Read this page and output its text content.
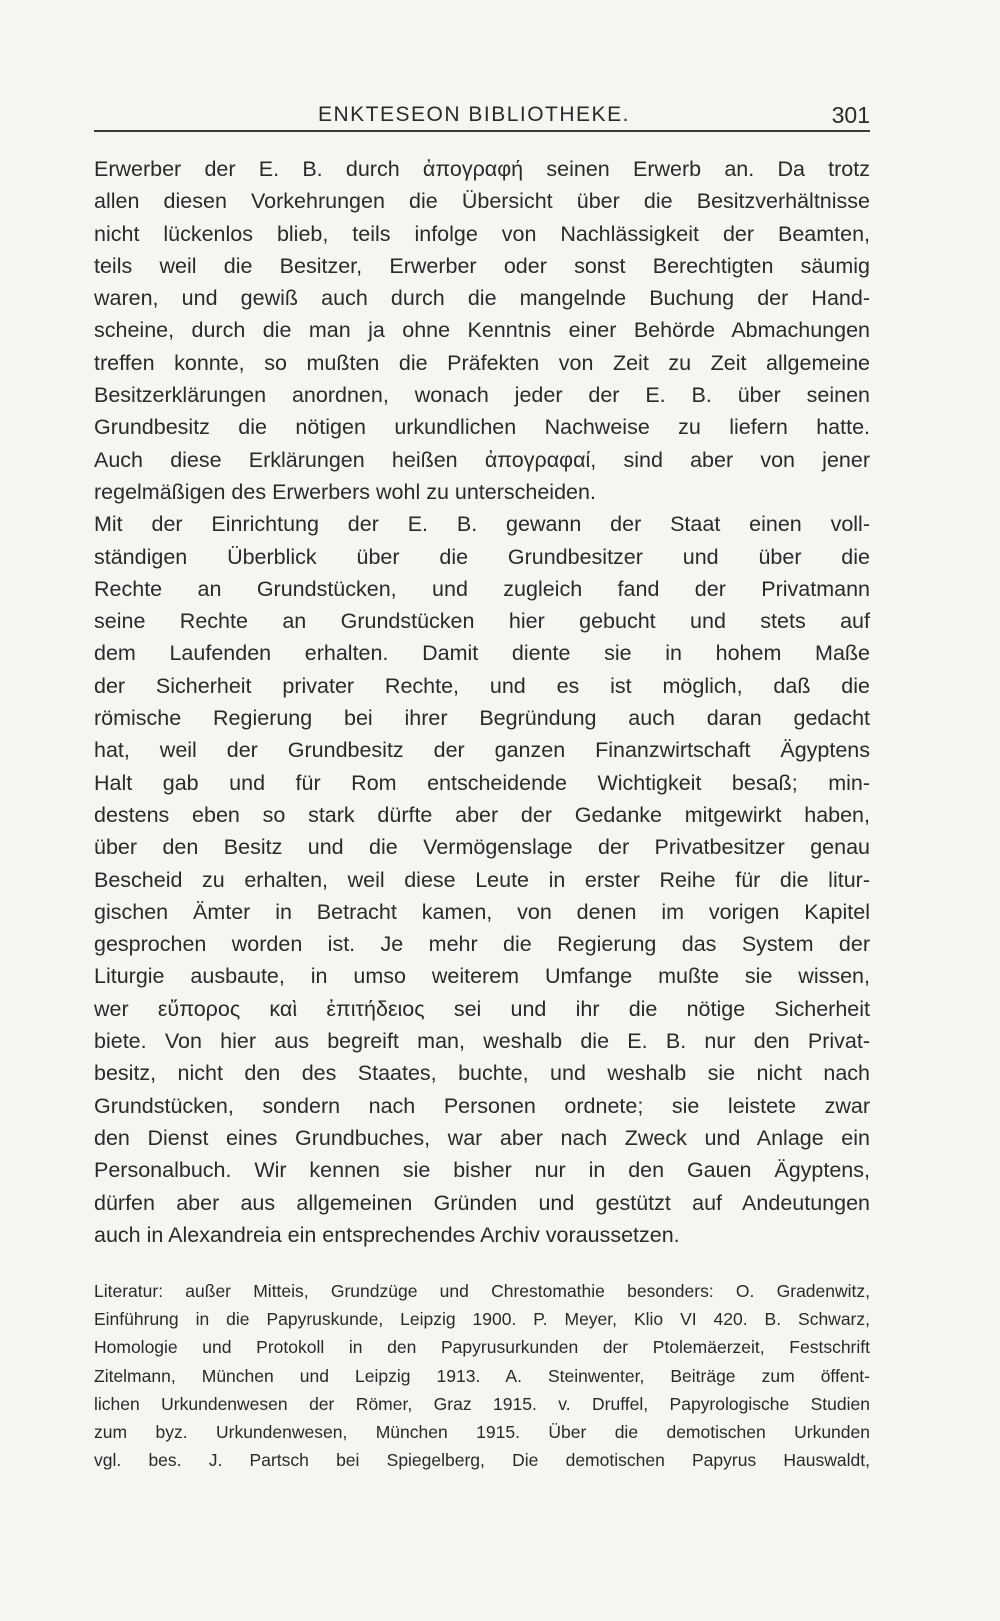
ENKTESEON BIBLIOTHEKE.	301
Erwerber der E. B. durch ἀπογραφή seinen Erwerb an. Da trotz
allen diesen Vorkehrungen die Übersicht über die Besitzverhältnisse
nicht lückenlos blieb, teils infolge von Nachlässigkeit der Beamten,
teils weil die Besitzer, Erwerber oder sonst Berechtigten säumig
waren, und gewiß auch durch die mangelnde Buchung der Hand-
scheine, durch die man ja ohne Kenntnis einer Behörde Abmachungen
treffen konnte, so mußten die Präfekten von Zeit zu Zeit allgemeine
Besitzerklärungen anordnen, wonach jeder der E. B. über seinen
Grundbesitz die nötigen urkundlichen Nachweise zu liefern hatte.
Auch diese Erklärungen heißen ἀπογραφαί, sind aber von jener
regelmäßigen des Erwerbers wohl zu unterscheiden.
Mit der Einrichtung der E. B. gewann der Staat einen voll-
ständigen Überblick über die Grundbesitzer und über die
Rechte an Grundstücken, und zugleich fand der Privatmann
seine Rechte an Grundstücken hier gebucht und stets auf
dem Laufenden erhalten. Damit diente sie in hohem Maße
der Sicherheit privater Rechte, und es ist möglich, daß die
römische Regierung bei ihrer Begründung auch daran gedacht
hat, weil der Grundbesitz der ganzen Finanzwirtschaft Ägyptens
Halt gab und für Rom entscheidende Wichtigkeit besaß; min-
destens eben so stark dürfte aber der Gedanke mitgewirkt haben,
über den Besitz und die Vermögenslage der Privatbesitzer genau
Bescheid zu erhalten, weil diese Leute in erster Reihe für die litur-
gischen Ämter in Betracht kamen, von denen im vorigen Kapitel
gesprochen worden ist. Je mehr die Regierung das System der
Liturgie ausbaute, in umso weiterem Umfange mußte sie wissen,
wer εὔπορος καὶ ἐπιτήδειος sei und ihr die nötige Sicherheit
biete. Von hier aus begreift man, weshalb die E. B. nur den Privat-
besitz, nicht den des Staates, buchte, und weshalb sie nicht nach
Grundstücken, sondern nach Personen ordnete; sie leistete zwar
den Dienst eines Grundbuches, war aber nach Zweck und Anlage ein
Personalbuch. Wir kennen sie bisher nur in den Gauen Ägyptens,
dürfen aber aus allgemeinen Gründen und gestützt auf Andeutungen
auch in Alexandreia ein entsprechendes Archiv voraussetzen.
Literatur: außer Mitteis, Grundzüge und Chrestomathie besonders: O. Gradenwitz,
Einführung in die Papyruskunde, Leipzig 1900. P. Meyer, Klio VI 420. B. Schwarz,
Homologie und Protokoll in den Papyrusurkunden der Ptolemäerzeit, Festschrift
Zitelmann, München und Leipzig 1913. A. Steinwenter, Beiträge zum öffent-
lichen Urkundenwesen der Römer, Graz 1915. v. Druffel, Papyrologische Studien
zum byz. Urkundenwesen, München 1915. Über die demotischen Urkunden
vgl. bes. J. Partsch bei Spiegelberg, Die demotischen Papyrus Hauswaldt,
